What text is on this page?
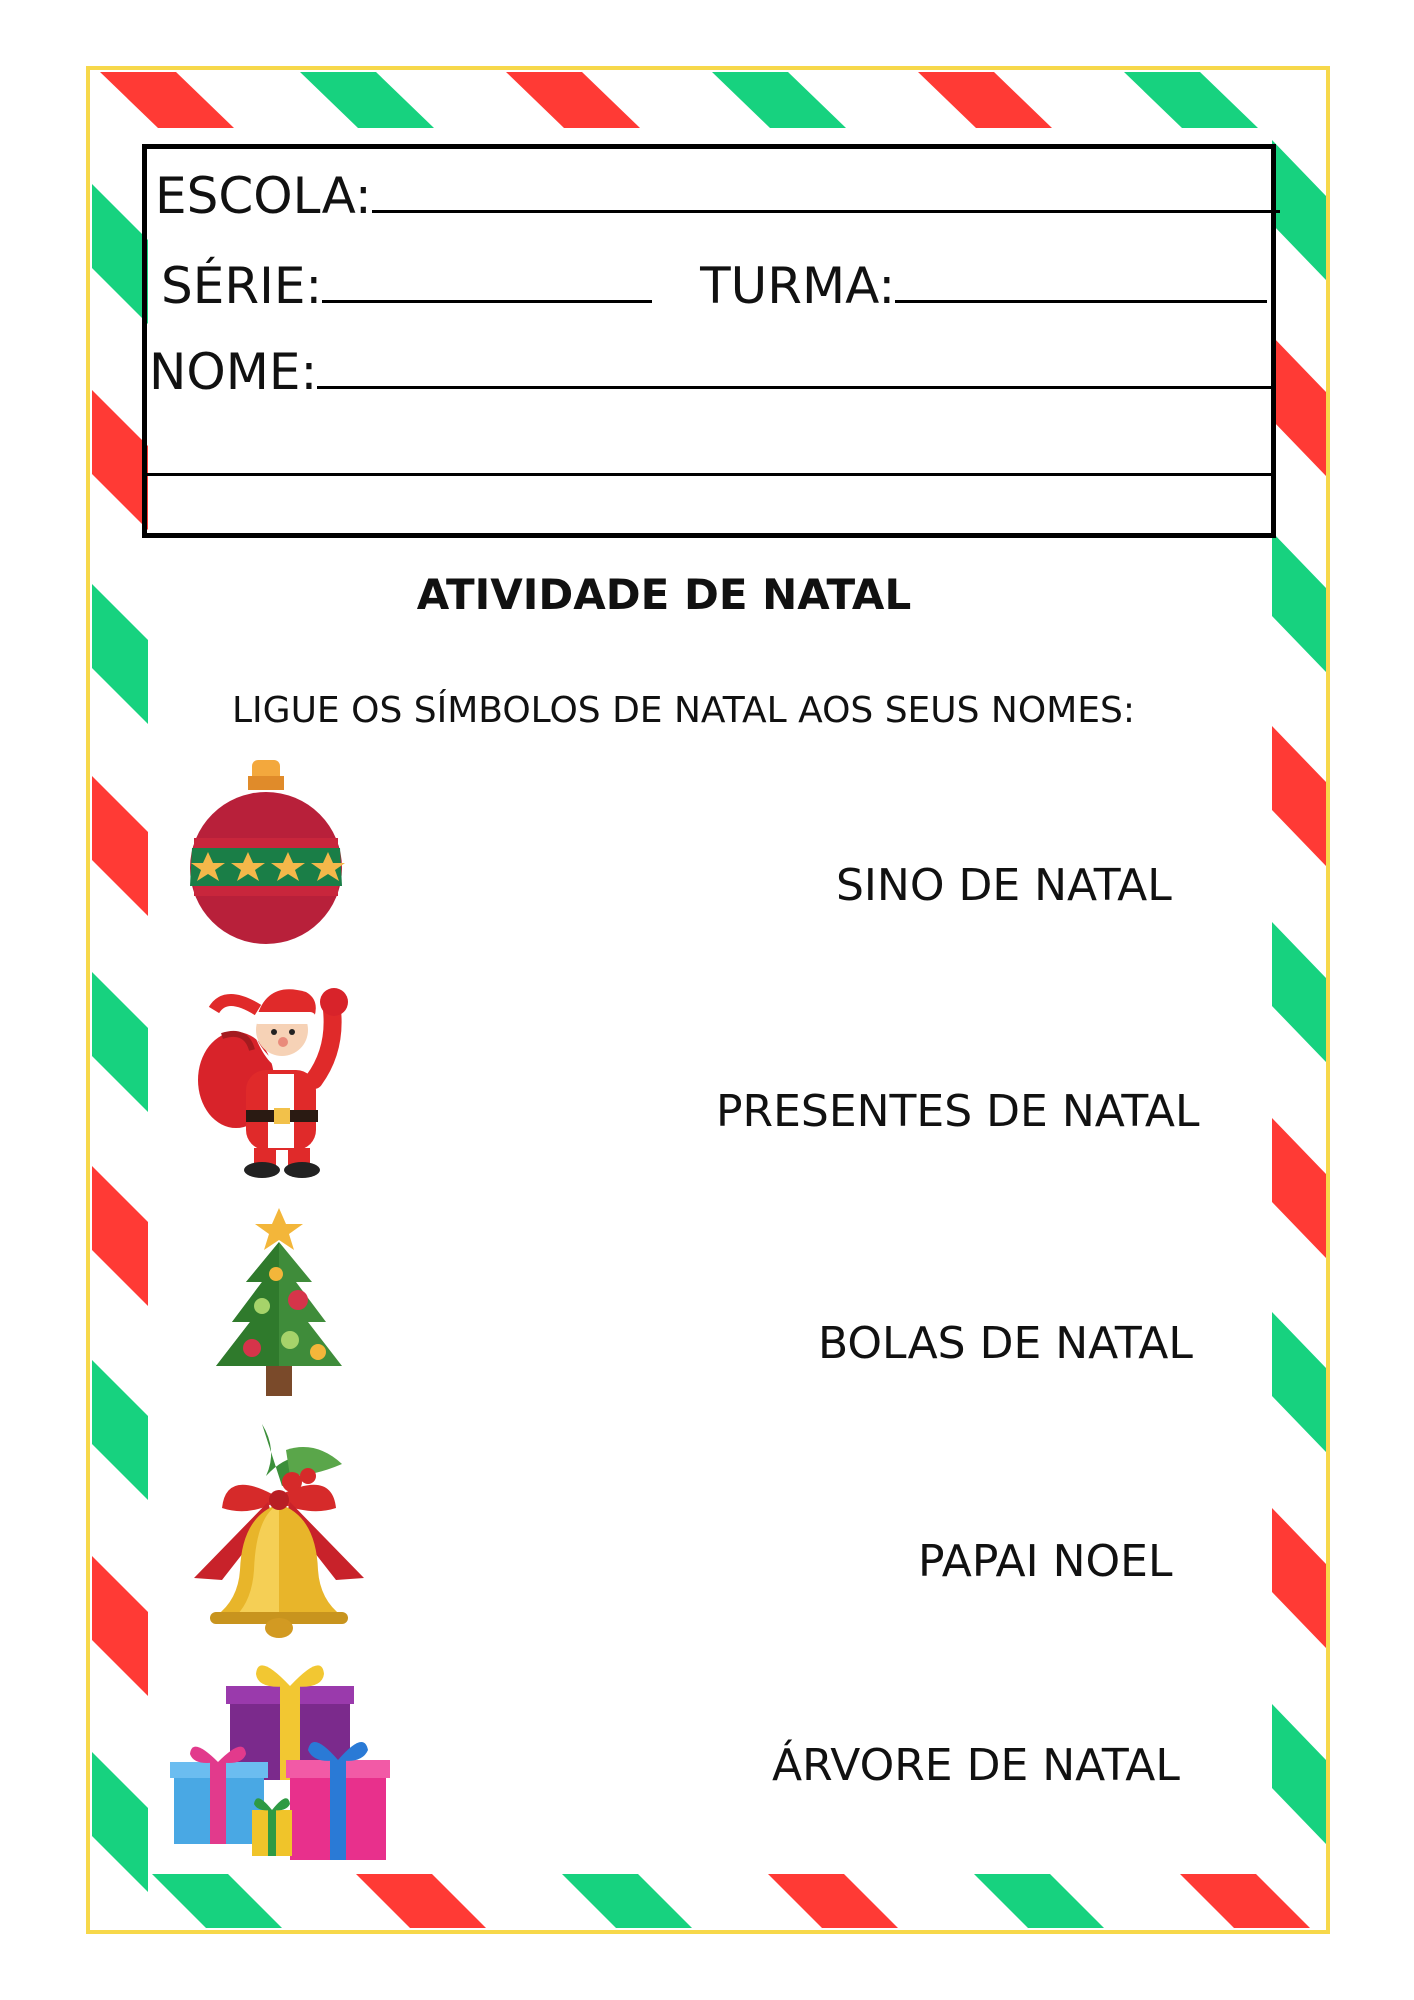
ESCOLA:
SÉRIE:	TURMA:
NOME:
ATIVIDADE DE NATAL
LIGUE OS SÍMBOLOS DE NATAL AOS SEUS NOMES:
SINO DE NATAL
PRESENTES DE NATAL
BOLAS DE NATAL
PAPAI NOEL
ÁRVORE DE NATAL
